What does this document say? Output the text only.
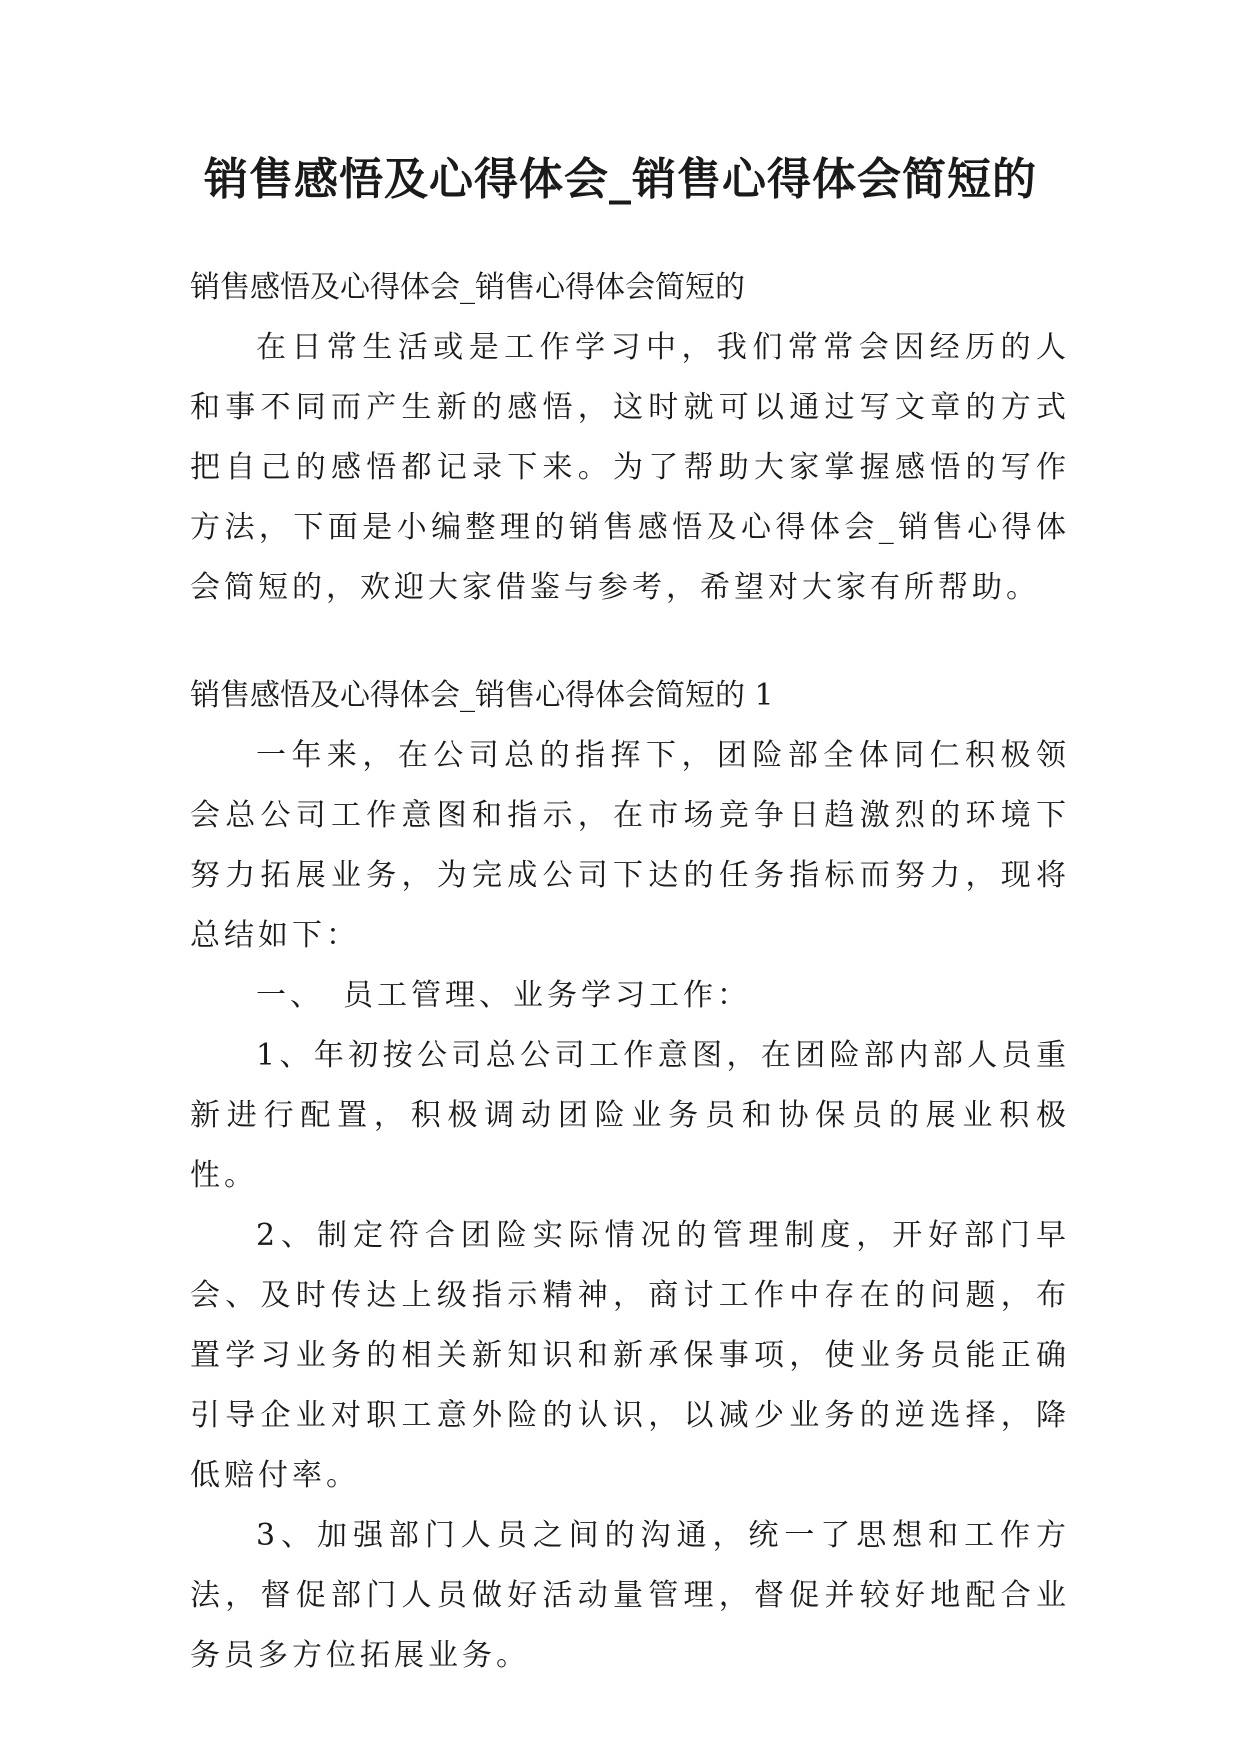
销售感悟及心得体会_销售心得体会简短的

销售感悟及心得体会_销售心得体会简短的

在日常生活或是工作学习中，我们常常会因经历的人和事不同而产生新的感悟，这时就可以通过写文章的方式把自己的感悟都记录下来。为了帮助大家掌握感悟的写作方法，下面是小编整理的销售感悟及心得体会_销售心得体会简短的，欢迎大家借鉴与参考，希望对大家有所帮助。

销售感悟及心得体会_销售心得体会简短的 1

一年来，在公司总的指挥下，团险部全体同仁积极领会总公司工作意图和指示，在市场竞争日趋激烈的环境下努力拓展业务，为完成公司下达的任务指标而努力，现将总结如下：

一、　员工管理、业务学习工作：

1、年初按公司总公司工作意图，在团险部内部人员重新进行配置，积极调动团险业务员和协保员的展业积极性。

2、制定符合团险实际情况的管理制度，开好部门早会、及时传达上级指示精神，商讨工作中存在的问题，布置学习业务的相关新知识和新承保事项，使业务员能正确引导企业对职工意外险的认识，以减少业务的逆选择，降低赔付率。

3、加强部门人员之间的沟通，统一了思想和工作方法，督促部门人员做好活动量管理，督促并较好地配合业务员多方位拓展业务。
